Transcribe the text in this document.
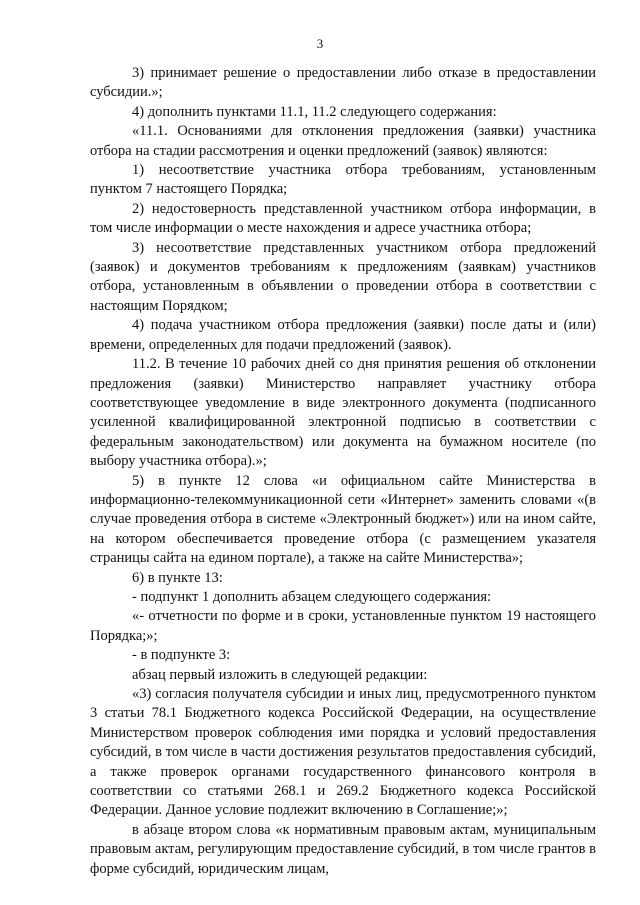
3

3) принимает решение о предоставлении либо отказе в предоставлении субсидии.»;

4) дополнить пунктами 11.1, 11.2 следующего содержания:

«11.1. Основаниями для отклонения предложения (заявки) участника отбора на стадии рассмотрения и оценки предложений (заявок) являются:

1) несоответствие участника отбора требованиям, установленным пунктом 7 настоящего Порядка;

2) недостоверность представленной участником отбора информации, в том числе информации о месте нахождения и адресе участника отбора;

3) несоответствие представленных участником отбора предложений (заявок) и документов требованиям к предложениям (заявкам) участников отбора, установленным в объявлении о проведении отбора в соответствии с настоящим Порядком;

4) подача участником отбора предложения (заявки) после даты и (или) времени, определенных для подачи предложений (заявок).

11.2. В течение 10 рабочих дней со дня принятия решения об отклонении предложения (заявки) Министерство направляет участнику отбора соответствующее уведомление в виде электронного документа (подписанного усиленной квалифицированной электронной подписью в соответствии с федеральным законодательством) или документа на бумажном носителе (по выбору участника отбора).»;

5) в пункте 12 слова «и официальном сайте Министерства в информационно-телекоммуникационной сети «Интернет» заменить словами «(в случае проведения отбора в системе «Электронный бюджет») или на ином сайте, на котором обеспечивается проведение отбора (с размещением указателя страницы сайта на едином портале), а также на сайте Министерства»;

6) в пункте 13:

- подпункт 1 дополнить абзацем следующего содержания:

«- отчетности по форме и в сроки, установленные пунктом 19 настоящего Порядка;»;

- в подпункте 3:

абзац первый изложить в следующей редакции:

«3) согласия получателя субсидии и иных лиц, предусмотренного пунктом 3 статьи 78.1 Бюджетного кодекса Российской Федерации, на осуществление Министерством проверок соблюдения ими порядка и условий предоставления субсидий, в том числе в части достижения результатов предоставления субсидий, а также проверок органами государственного финансового контроля в соответствии со статьями 268.1 и 269.2 Бюджетного кодекса Российской Федерации. Данное условие подлежит включению в Соглашение;»;

в абзаце втором слова «к нормативным правовым актам, муниципальным правовым актам, регулирующим предоставление субсидий, в том числе грантов в форме субсидий, юридическим лицам,
